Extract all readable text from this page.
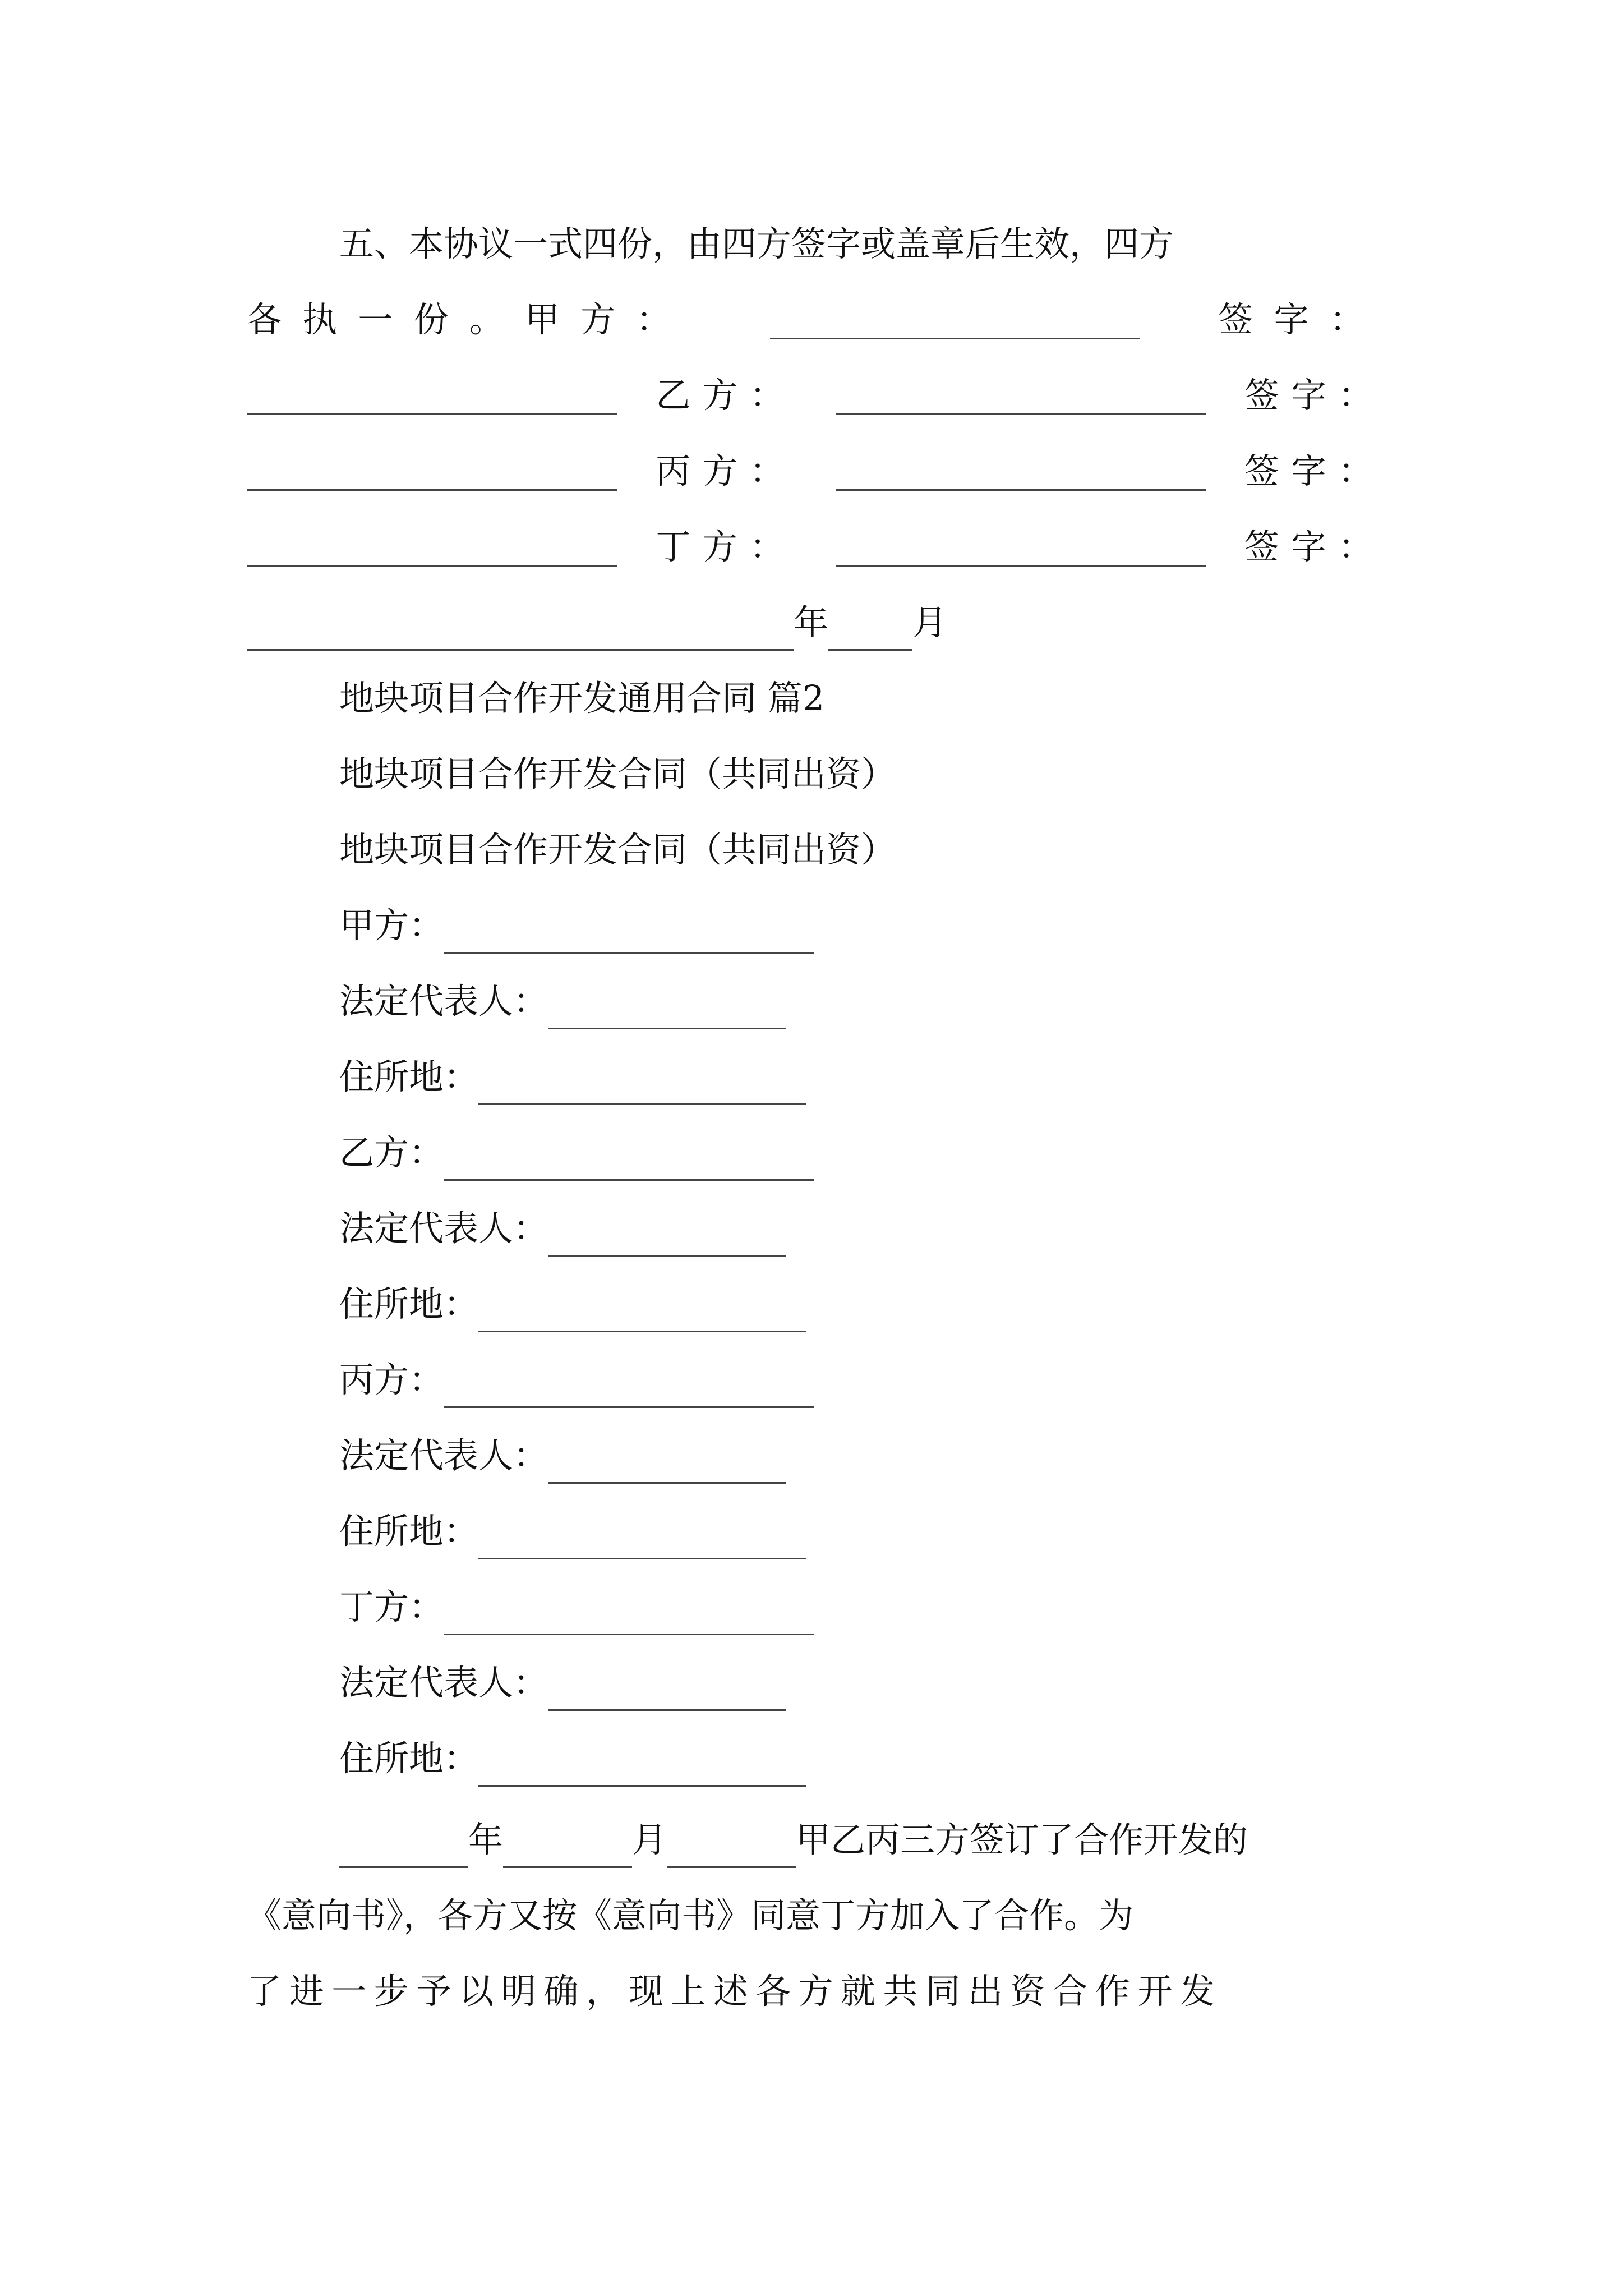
五、本协议一式四份，由四方签字或盖章后生效，四方
各执一份。甲方：	签字：
乙方：	签字：
丙方：	签字：
丁方：	签字：
年 月
地块项目合作开发通用合同 篇2
地块项目合作开发合同（共同出资）
地块项目合作开发合同（共同出资）
甲方：
法定代表人：
住所地：
乙方：
法定代表人：
住所地：
丙方：
法定代表人：
住所地：
丁方：
法定代表人：
住所地：
年	月	甲乙丙三方签订了合作开发的
《意向书》，各方又按《意向书》同意丁方加入了合作。为
了进一步予以明确，现上述各方就共同出资合作开发
